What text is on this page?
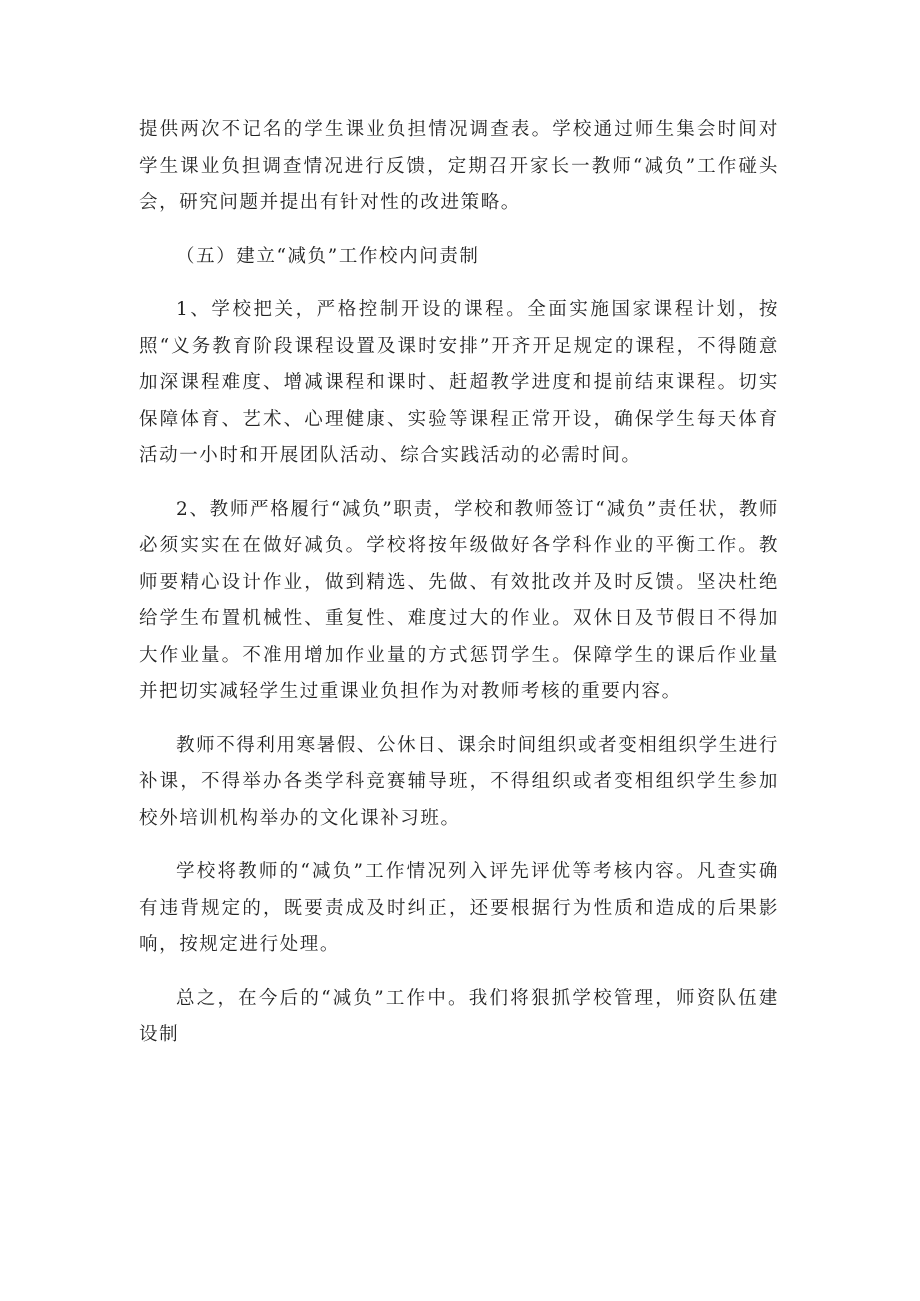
提供两次不记名的学生课业负担情况调查表。学校通过师生集会时间对学生课业负担调查情况进行反馈，定期召开家长一教师“减负”工作碰头会，研究问题并提出有针对性的改进策略。

（五）建立“减负”工作校内问责制

1、学校把关，严格控制开设的课程。全面实施国家课程计划，按照“义务教育阶段课程设置及课时安排”开齐开足规定的课程，不得随意加深课程难度、增减课程和课时、赶超教学进度和提前结束课程。切实保障体育、艺术、心理健康、实验等课程正常开设，确保学生每天体育活动一小时和开展团队活动、综合实践活动的必需时间。

2、教师严格履行“减负”职责，学校和教师签订“减负”责任状，教师必须实实在在做好减负。学校将按年级做好各学科作业的平衡工作。教师要精心设计作业，做到精选、先做、有效批改并及时反馈。坚决杜绝给学生布置机械性、重复性、难度过大的作业。双休日及节假日不得加大作业量。不准用增加作业量的方式惩罚学生。保障学生的课后作业量并把切实减轻学生过重课业负担作为对教师考核的重要内容。

教师不得利用寒暑假、公休日、课余时间组织或者变相组织学生进行补课，不得举办各类学科竞赛辅导班，不得组织或者变相组织学生参加校外培训机构举办的文化课补习班。

学校将教师的“减负”工作情况列入评先评优等考核内容。凡查实确有违背规定的，既要责成及时纠正，还要根据行为性质和造成的后果影响，按规定进行处理。

总之，在今后的“减负”工作中。我们将狠抓学校管理，师资队伍建设制
